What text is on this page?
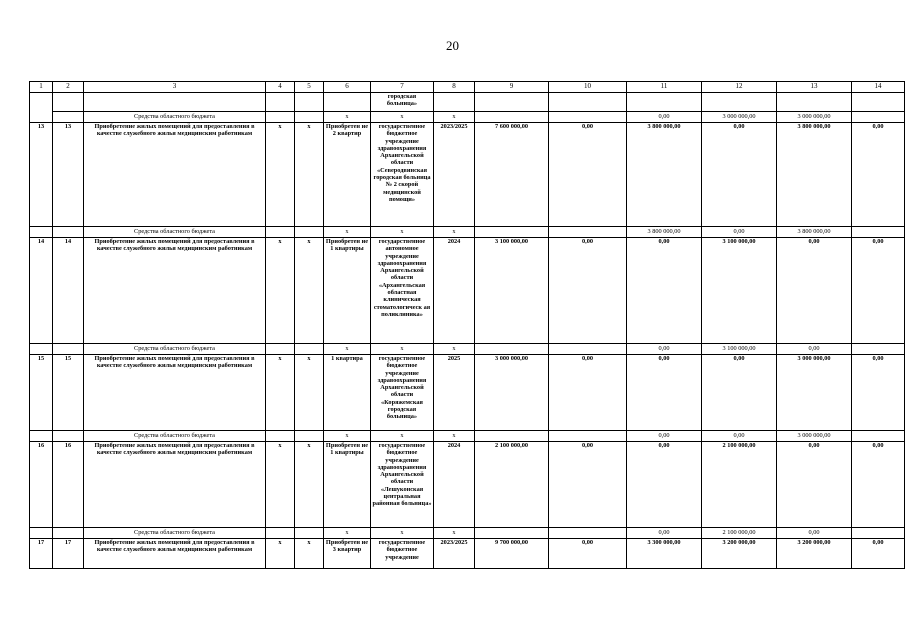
20
1	2	3	4	5	6	7	8	9	10	11	12	13	14
						городская больница»							
		Средства областного бюджета			x	x	x			0,00	3 000 000,00	3 000 000,00	
13	13	Приобретение жилых помещений для предоставления в качестве служебного жилья медицинским работникам	x	x	Приобретен ие 2 квартир	государственное бюджетное учреждение здравоохранения Архангельской области «Северодвинская городская больница № 2 скорой медицинской помощи»	2023/2025	7 600 000,00	0,00	3 800 000,00	0,00	3 800 000,00	0,00
		Средства областного бюджета			x	x	x			3 800 000,00	0,00	3 800 000,00	
14	14	Приобретение жилых помещений для предоставления в качестве служебного жилья медицинским работникам	x	x	Приобретен ие 1 квартиры	государственное автономное учреждение здравоохранения Архангельской области «Архангельская областная клиническая стоматологическ ая поликлиника»	2024	3 100 000,00	0,00	0,00	3 100 000,00	0,00	0,00
		Средства областного бюджета			x	x	x			0,00	3 100 000,00	0,00	
15	15	Приобретение жилых помещений для предоставления в качестве служебного жилья медицинским работникам	x	x	1 квартира	государственное бюджетное учреждение здравоохранения Архангельской области «Коряжемская городская больница»	2025	3 000 000,00	0,00	0,00	0,00	3 000 000,00	0,00
		Средства областного бюджета			x	x	x			0,00	0,00	3 000 000,00	
16	16	Приобретение жилых помещений для предоставления в качестве служебного жилья медицинским работникам	x	x	Приобретен ие 1 квартиры	государственное бюджетное учреждение здравоохранения Архангельской области «Лешуконская центральная районная больница»	2024	2 100 000,00	0,00	0,00	2 100 000,00	0,00	0,00
		Средства областного бюджета			x	x	x			0,00	2 100 000,00	0,00	
17	17	Приобретение жилых помещений для предоставления в качестве служебного жилья медицинским работникам	x	x	Приобретен ие 3 квартир	государственное бюджетное учреждение	2023/2025	9 700 000,00	0,00	3 300 000,00	3 200 000,00	3 200 000,00	0,00
